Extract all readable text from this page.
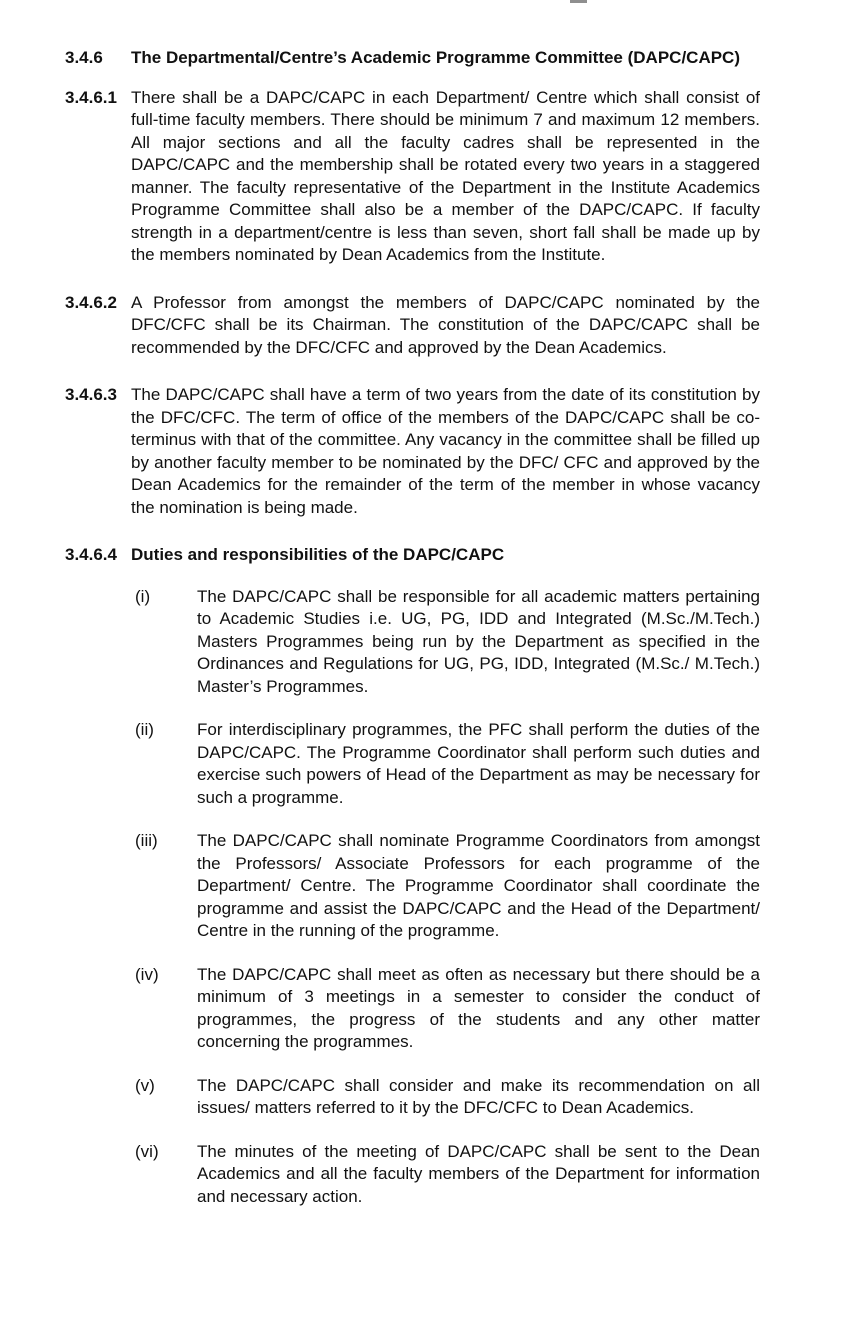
3.4.6	The Departmental/Centre’s Academic Programme Committee (DAPC/​CAPC)
3.4.6.1 There shall be a DAPC/CAPC in each Department/ Centre which shall consist of full-time faculty members. There should be minimum 7 and maximum 12 members. All major sections and all the faculty cadres shall be represented in the DAPC/CAPC and the membership shall be rotated every two years in a staggered manner. The faculty representative of the Department in the Institute Academics Programme Committee shall also be a member of the DAPC/CAPC. If faculty strength in a department/centre is less than seven, short fall shall be made up by the members nominated by Dean Academics from the Institute.
3.4.6.2 A Professor from amongst the members of DAPC/CAPC nominated by the DFC/CFC shall be its Chairman. The constitution of the DAPC/CAPC shall be recommended by the DFC/CFC and approved by the Dean Academics.
3.4.6.3 The DAPC/CAPC shall have a term of two years from the date of its constitution by the DFC/CFC. The term of office of the members of the DAPC/CAPC shall be co-terminus with that of the committee. Any vacancy in the committee shall be filled up by another faculty member to be nominated by the DFC/ CFC and approved by the Dean Academics for the remainder of the term of the member in whose vacancy the nomination is being made.
3.4.6.4 Duties and responsibilities of the DAPC/CAPC
(i)	The DAPC/CAPC shall be responsible for all academic matters pertaining to Academic Studies i.e. UG, PG, IDD and Integrated (M.Sc./M.Tech.) Masters Programmes being run by the Department as specified in the Ordinances and Regulations for UG, PG, IDD, Integrated (M.Sc./ M.Tech.) Master’s Programmes.
(ii)	For interdisciplinary programmes, the PFC shall perform the duties of the DAPC/CAPC. The Programme Coordinator shall perform such duties and exercise such powers of Head of the Department as may be necessary for such a programme.
(iii)	The DAPC/CAPC shall nominate Programme Coordinators from amongst the Professors/ Associate Professors for each programme of the Department/ Centre. The Programme Coordinator shall coordinate the programme and assist the DAPC/CAPC and the Head of the Department/ Centre in the running of the programme.
(iv)	The DAPC/CAPC shall meet as often as necessary but there should be a minimum of 3 meetings in a semester to consider the conduct of programmes, the progress of the students and any other matter concerning the programmes.
(v)	The DAPC/CAPC shall consider and make its recommendation on all issues/ matters referred to it by the DFC/CFC to Dean Academics.
(vi)	The minutes of the meeting of DAPC/CAPC shall be sent to the Dean Academics and all the faculty members of the Department for information and necessary action.
